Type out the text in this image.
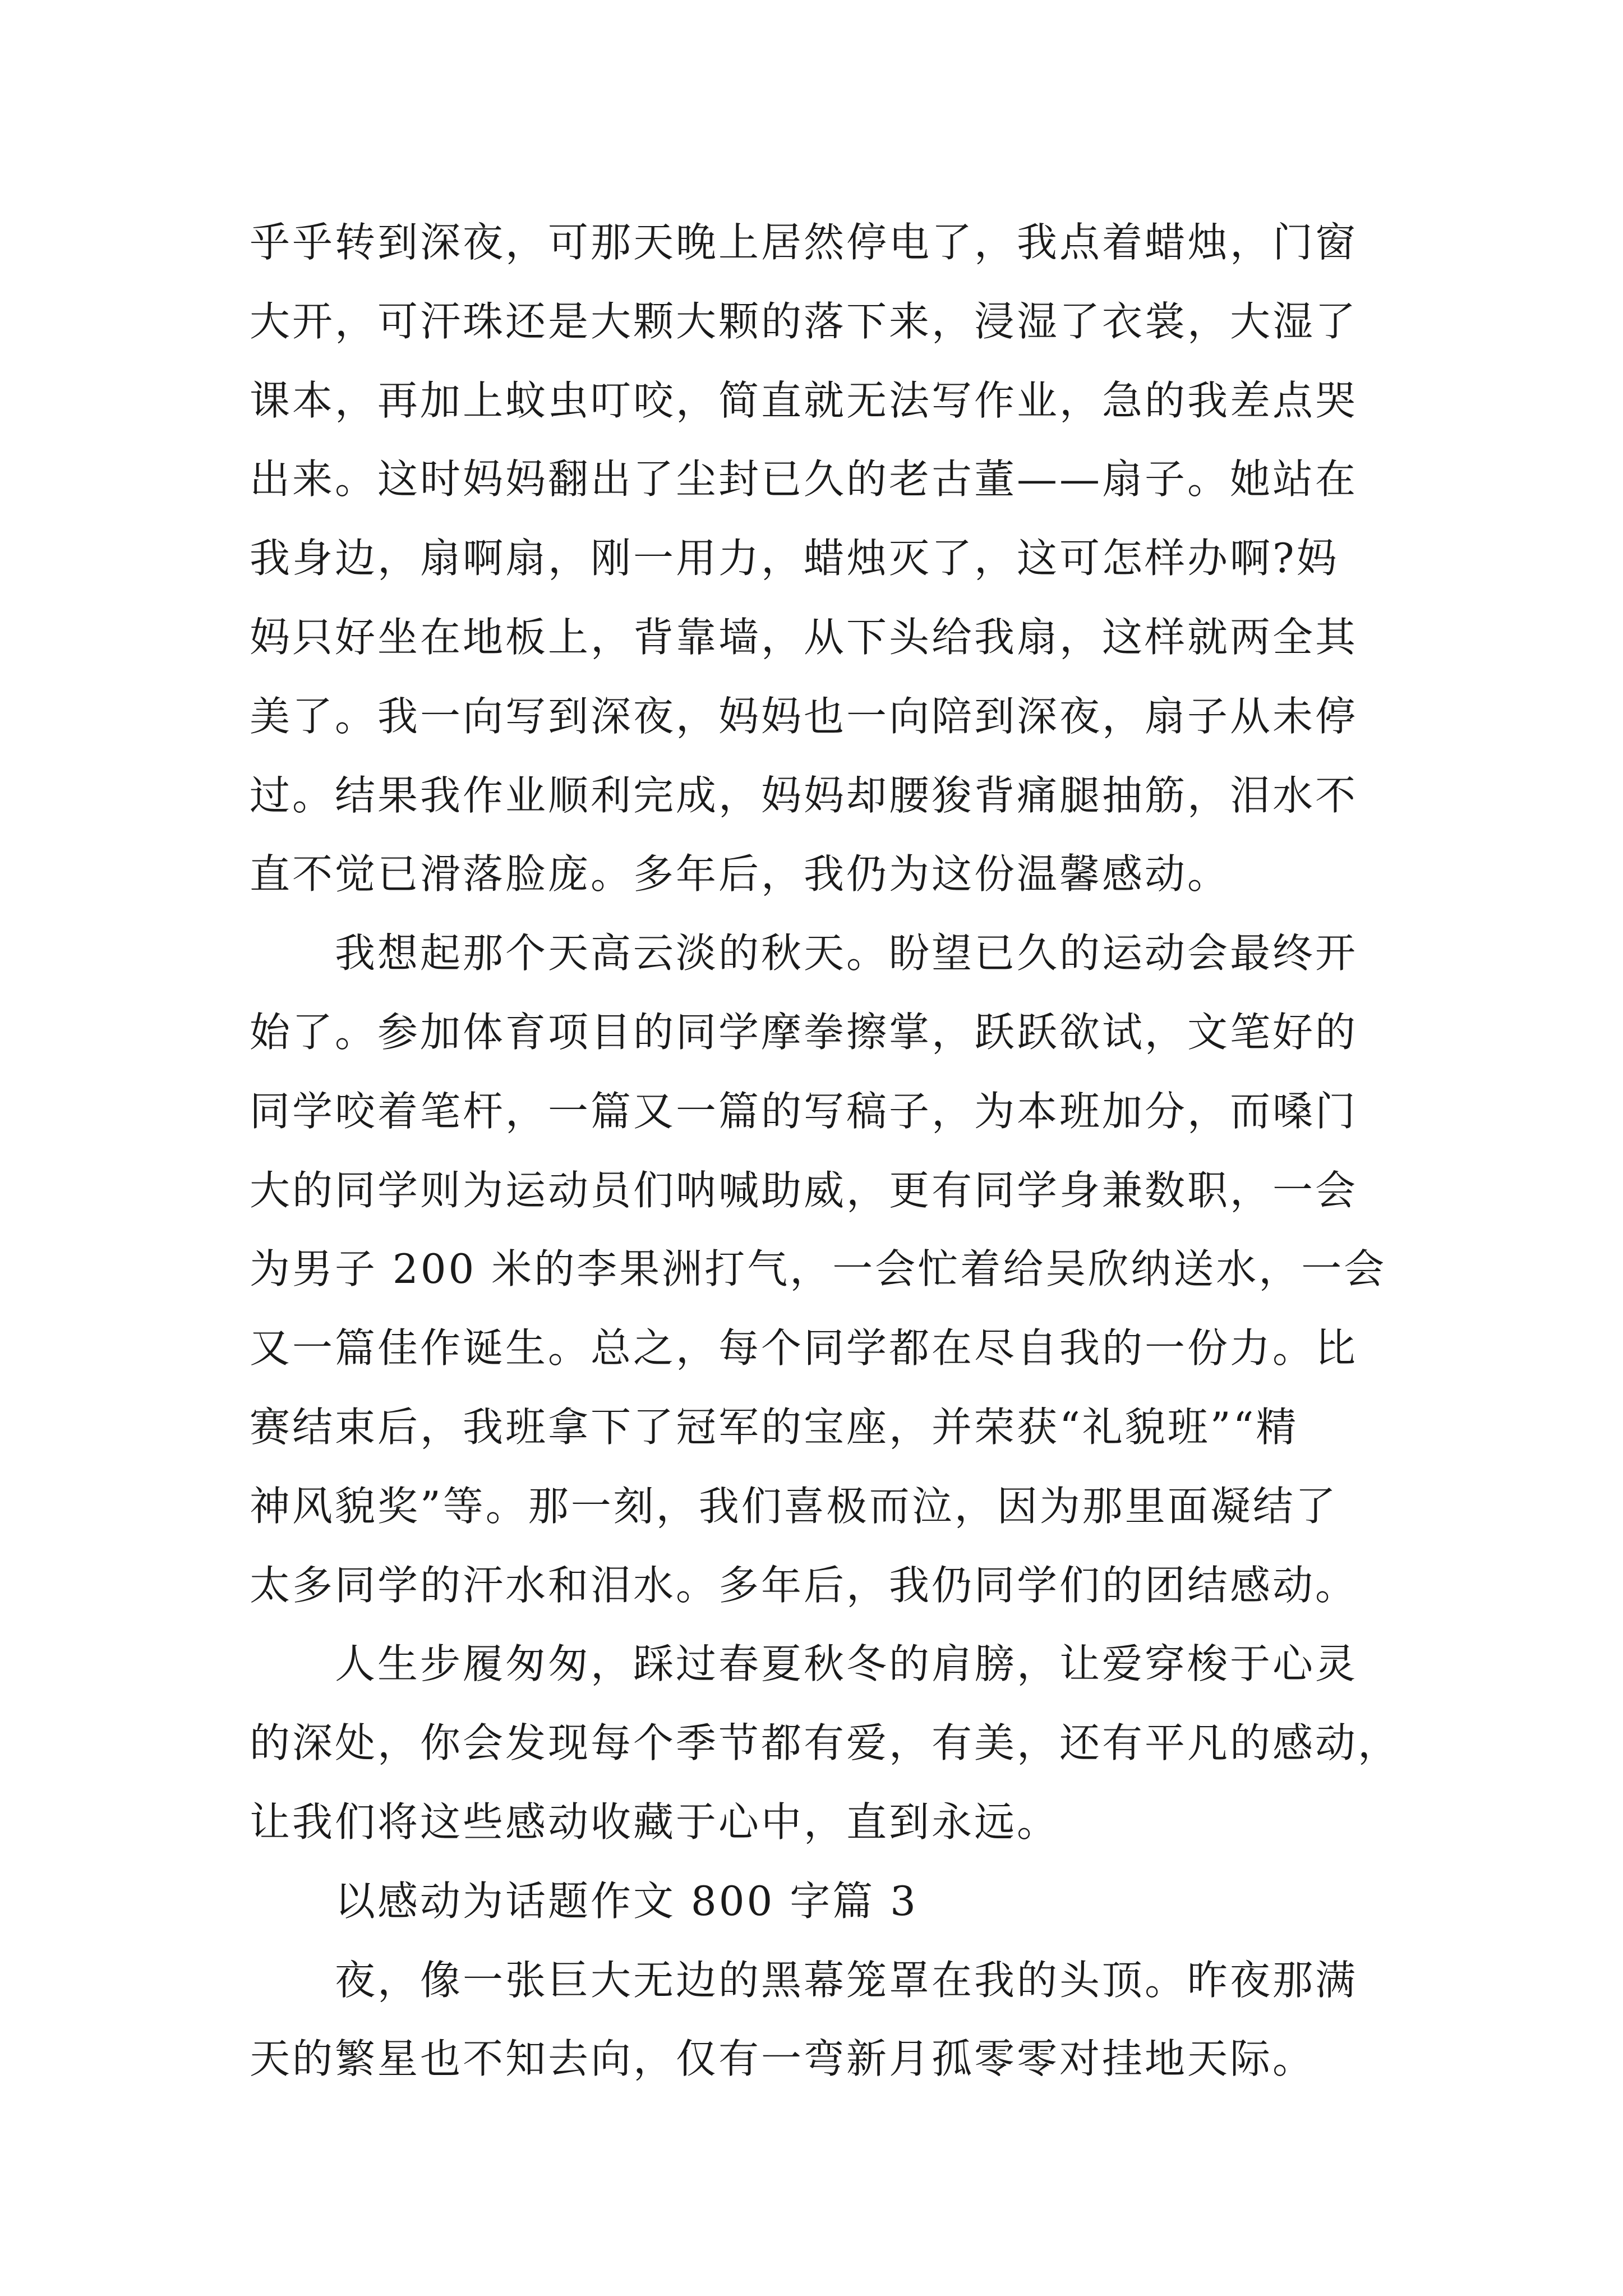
乎乎转到深夜，可那天晚上居然停电了，我点着蜡烛，门窗
大开，可汗珠还是大颗大颗的落下来，浸湿了衣裳，大湿了
课本，再加上蚊虫叮咬，简直就无法写作业，急的我差点哭
出来。这时妈妈翻出了尘封已久的老古董——扇子。她站在
我身边，扇啊扇，刚一用力，蜡烛灭了，这可怎样办啊?妈
妈只好坐在地板上，背靠墙，从下头给我扇，这样就两全其
美了。我一向写到深夜，妈妈也一向陪到深夜，扇子从未停
过。结果我作业顺利完成，妈妈却腰狻背痛腿抽筋，泪水不
直不觉已滑落脸庞。多年后，我仍为这份温馨感动。
　　我想起那个天高云淡的秋天。盼望已久的运动会最终开
始了。参加体育项目的同学摩拳擦掌，跃跃欲试，文笔好的
同学咬着笔杆，一篇又一篇的写稿子，为本班加分，而嗓门
大的同学则为运动员们呐喊助威，更有同学身兼数职，一会
为男子 200 米的李果洲打气，一会忙着给吴欣纳送水，一会
又一篇佳作诞生。总之，每个同学都在尽自我的一份力。比
赛结束后，我班拿下了冠军的宝座，并荣获“礼貌班”“精
神风貌奖”等。那一刻，我们喜极而泣，因为那里面凝结了
太多同学的汗水和泪水。多年后，我仍同学们的团结感动。
　　人生步履匆匆，踩过春夏秋冬的肩膀，让爱穿梭于心灵
的深处，你会发现每个季节都有爱，有美，还有平凡的感动，
让我们将这些感动收藏于心中，直到永远。
　　以感动为话题作文 800 字篇 3
　　夜，像一张巨大无边的黑幕笼罩在我的头顶。昨夜那满
天的繁星也不知去向，仅有一弯新月孤零零对挂地天际。
